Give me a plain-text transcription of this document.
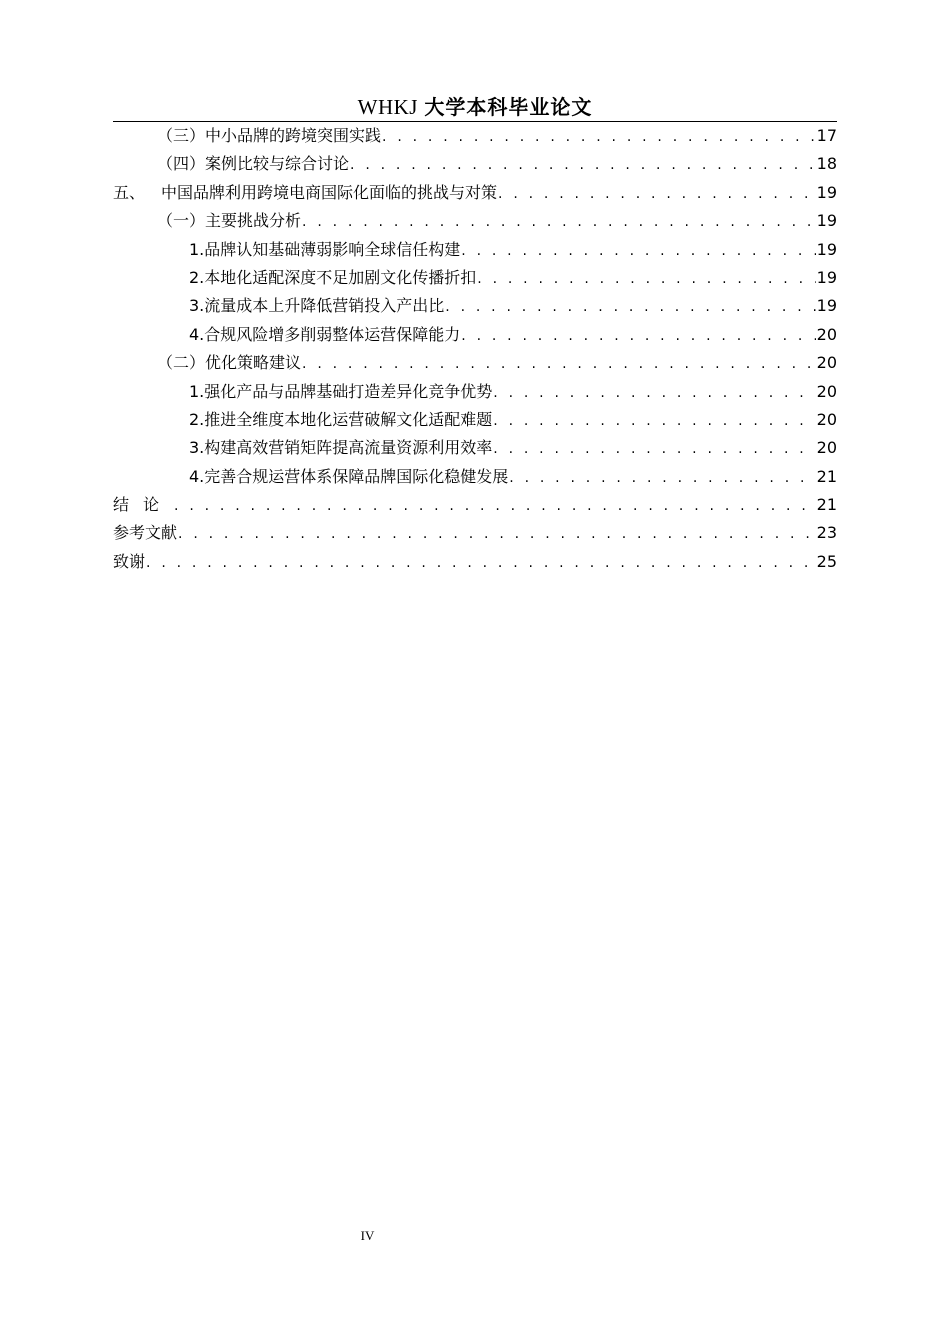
WHKJ 大学本科毕业论文
（三）中小品牌的跨境突围实践 . . .	17
（四）案例比较与综合讨论 . . .	18
五、 中国品牌利用跨境电商国际化面临的挑战与对策 . . .	19
（一）主要挑战分析 . . .	19
1.品牌认知基础薄弱影响全球信任构建 . . .	19
2.本地化适配深度不足加剧文化传播折扣 . . .	19
3.流量成本上升降低营销投入产出比 . . .	19
4.合规风险增多削弱整体运营保障能力 . . .	20
（二）优化策略建议 . . .	20
1.强化产品与品牌基础打造差异化竞争优势 . . .	20
2.推进全维度本地化运营破解文化适配难题 . . .	20
3.构建高效营销矩阵提高流量资源利用效率 . . .	20
4.完善合规运营体系保障品牌国际化稳健发展 . . .	21
结论 . . .	21
参考文献 . . .	23
致谢 . . .	25
IV
